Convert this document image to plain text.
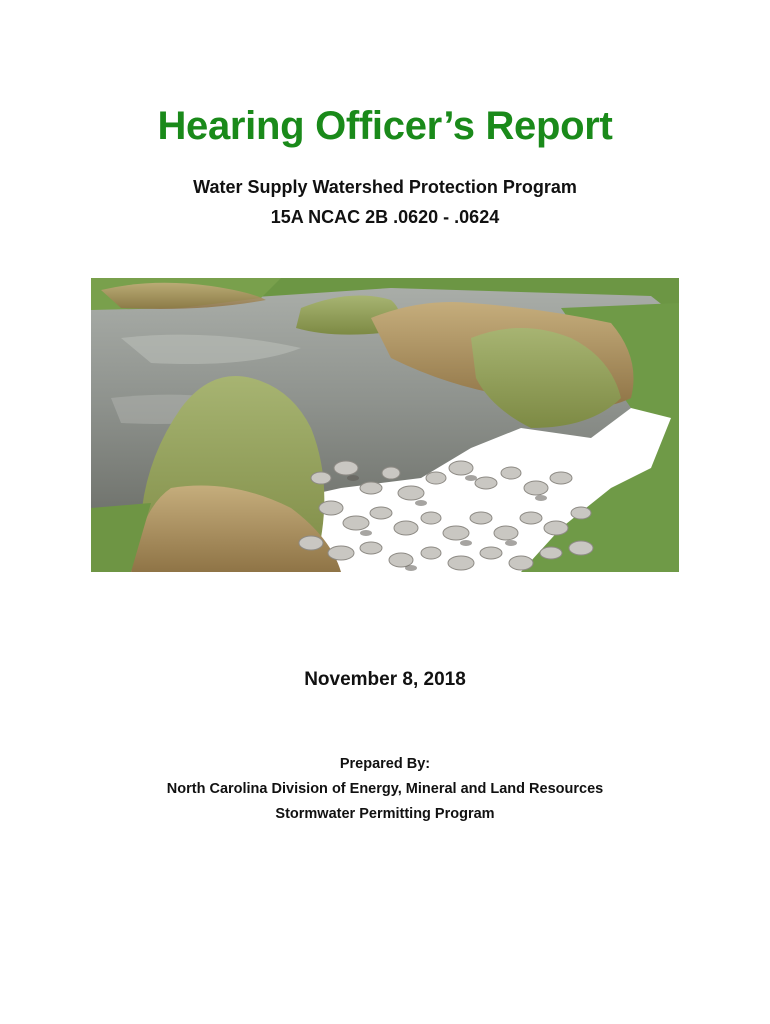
Hearing Officer’s Report

Water Supply Watershed Protection Program

15A NCAC 2B .0620 - .0624

November 8, 2018

Prepared By:

North Carolina Division of Energy, Mineral and Land Resources

Stormwater Permitting Program
